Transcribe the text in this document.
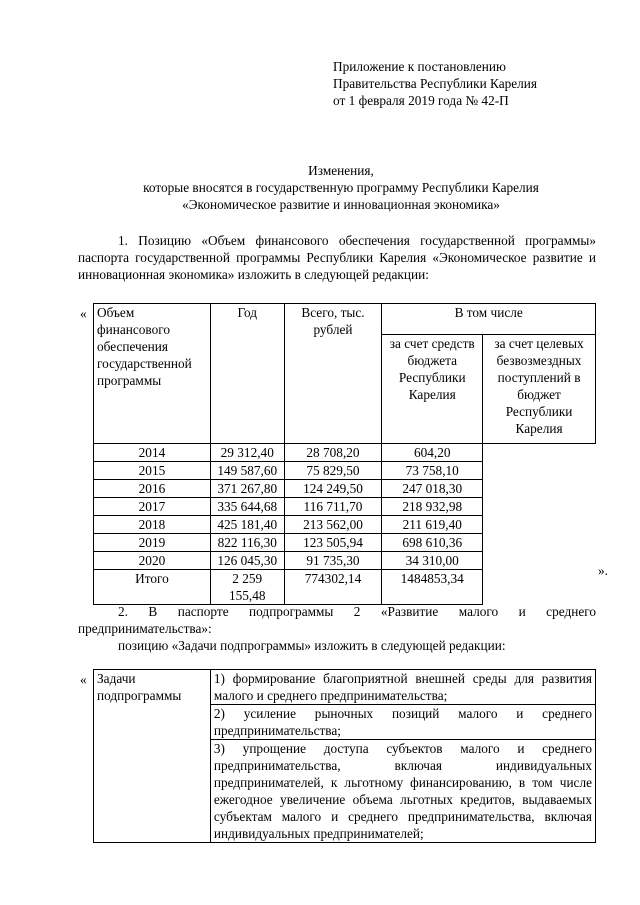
Приложение к постановлению
Правительства Республики Карелия
от 1 февраля 2019 года № 42-П
Изменения,
которые вносятся в государственную программу Республики Карелия
«Экономическое развитие и инновационная экономика»
1. Позицию «Объем финансового обеспечения государственной программы» паспорта государственной программы Республики Карелия «Экономическое развитие и инновационная экономика» изложить в следующей редакции:
« Объем финансового обеспечения государственной программы	Год	Всего, тыс. рублей	В том числе	
			за счет средств бюджета Республики Карелия	за счет целевых безвозмездных поступлений в бюджет Республики Карелия
2014	29 312,40	28 708,20	604,20	
2015	149 587,60	75 829,50	73 758,10	
2016	371 267,80	124 249,50	247 018,30	
2017	335 644,68	116 711,70	218 932,98	
2018	425 181,40	213 562,00	211 619,40	
2019	822 116,30	123 505,94	698 610,36	
2020	126 045,30	91 735,30	34 310,00	
Итого	2 259 155,48	774302,14	1484853,34	
».
2. В паспорте подпрограммы 2 «Развитие малого и среднего предпринимательства»:
позицию «Задачи подпрограммы» изложить в следующей редакции:
« Задачи подпрограммы	1) формирование благоприятной внешней среды для развития малого и среднего предпринимательства;
2) усиление рыночных позиций малого и среднего предпринимательства;
3) упрощение доступа субъектов малого и среднего предпринимательства, включая индивидуальных предпринимателей, к льготному финансированию, в том числе ежегодное увеличение объема льготных кредитов, выдаваемых субъектам малого и среднего предпринимательства, включая индивидуальных предпринимателей;
